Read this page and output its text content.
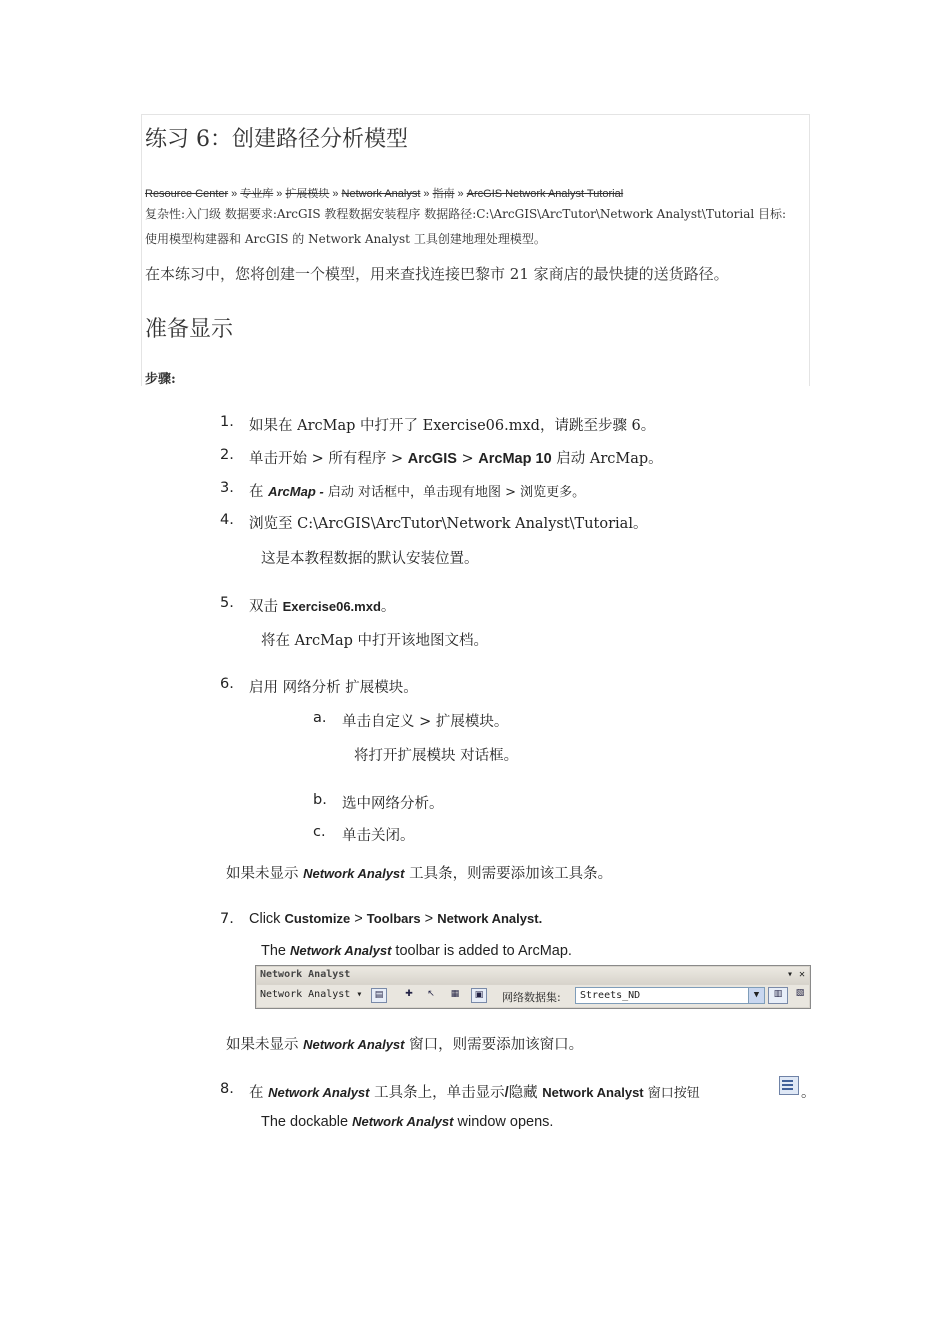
练习 6：创建路径分析模型
Resource Center » 专业库 » 扩展模块 » Network Analyst » 指南 » ArcGIS Network Analyst Tutorial
复杂性:入门级 数据要求:ArcGIS 教程数据安装程序 数据路径:C:\ArcGIS\ArcTutor\Network Analyst\Tutorial 目标:
使用模型构建器和 ArcGIS 的 Network Analyst 工具创建地理处理模型。
在本练习中，您将创建一个模型，用来查找连接巴黎市 21 家商店的最快捷的送货路径。
准备显示
步骤:
1. 如果在 ArcMap 中打开了 Exercise06.mxd，请跳至步骤 6。
2. 单击开始 > 所有程序 > ArcGIS > ArcMap 10 启动 ArcMap。
3. 在 ArcMap - 启动 对话框中，单击现有地图 > 浏览更多。
4. 浏览至 C:\ArcGIS\ArcTutor\Network Analyst\Tutorial。
这是本教程数据的默认安装位置。
5. 双击 Exercise06.mxd。
将在 ArcMap 中打开该地图文档。
6. 启用 网络分析 扩展模块。
a. 单击自定义 > 扩展模块。
将打开扩展模块 对话框。
b. 选中网络分析。
c. 单击关闭。
如果未显示 Network Analyst 工具条，则需要添加该工具条。
7. Click Customize > Toolbars > Network Analyst.
The Network Analyst toolbar is added to ArcMap.
Network Analyst	▾ ✕
Network Analyst ▾	▤	✚	↖	▦	▣	网络数据集:	Streets_ND	▼	▥	▧
如果未显示 Network Analyst 窗口，则需要添加该窗口。
8. 在 Network Analyst 工具条上，单击显示/隐藏 Network Analyst 窗口按钮	。
The dockable Network Analyst window opens.
